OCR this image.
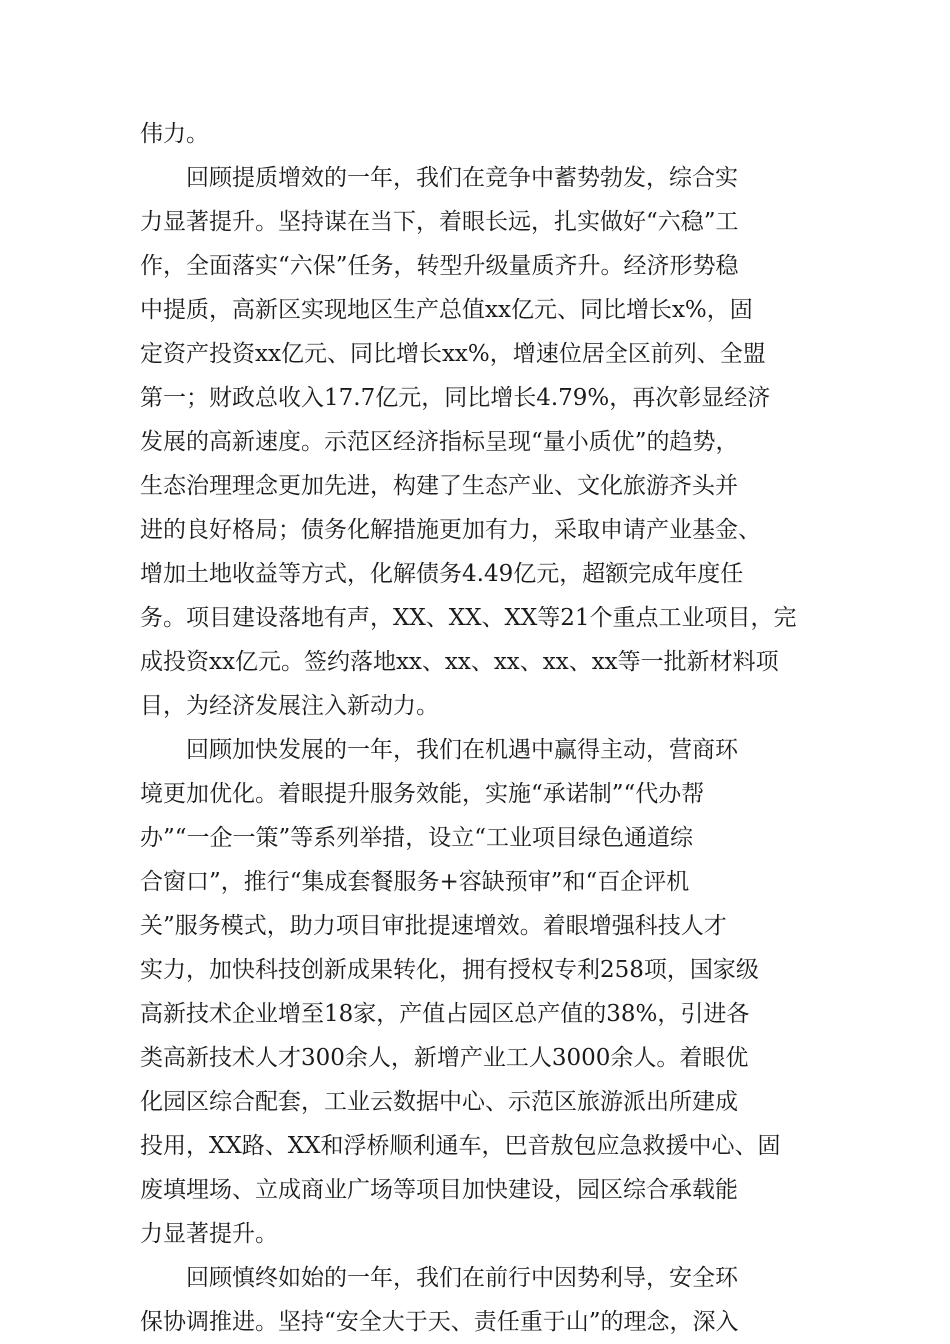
伟力。
回顾提质增效的一年，我们在竞争中蓄势勃发，综合实
力显著提升。坚持谋在当下，着眼长远，扎实做好“六稳”工
作，全面落实“六保”任务，转型升级量质齐升。经济形势稳
中提质，高新区实现地区生产总值xx亿元、同比增长x%，固
定资产投资xx亿元、同比增长xx%，增速位居全区前列、全盟
第一；财政总收入17.7亿元，同比增长4.79%，再次彰显经济
发展的高新速度。示范区经济指标呈现“量小质优”的趋势，
生态治理理念更加先进，构建了生态产业、文化旅游齐头并
进的良好格局；债务化解措施更加有力，采取申请产业基金、
增加土地收益等方式，化解债务4.49亿元，超额完成年度任
务。项目建设落地有声，XX、XX、XX等21个重点工业项目，完
成投资xx亿元。签约落地xx、xx、xx、xx、xx等一批新材料项
目，为经济发展注入新动力。
回顾加快发展的一年，我们在机遇中赢得主动，营商环
境更加优化。着眼提升服务效能，实施“承诺制”“代办帮
办”“一企一策”等系列举措，设立“工业项目绿色通道综
合窗口”，推行“集成套餐服务+容缺预审”和“百企评机
关”服务模式，助力项目审批提速增效。着眼增强科技人才
实力，加快科技创新成果转化，拥有授权专利258项，国家级
高新技术企业增至18家，产值占园区总产值的38%，引进各
类高新技术人才300余人，新增产业工人3000余人。着眼优
化园区综合配套，工业云数据中心、示范区旅游派出所建成
投用，XX路、XX和浮桥顺利通车，巴音敖包应急救援中心、固
废填埋场、立成商业广场等项目加快建设，园区综合承载能
力显著提升。
回顾慎终如始的一年，我们在前行中因势利导，安全环
保协调推进。坚持“安全大于天、责任重于山”的理念，深入
